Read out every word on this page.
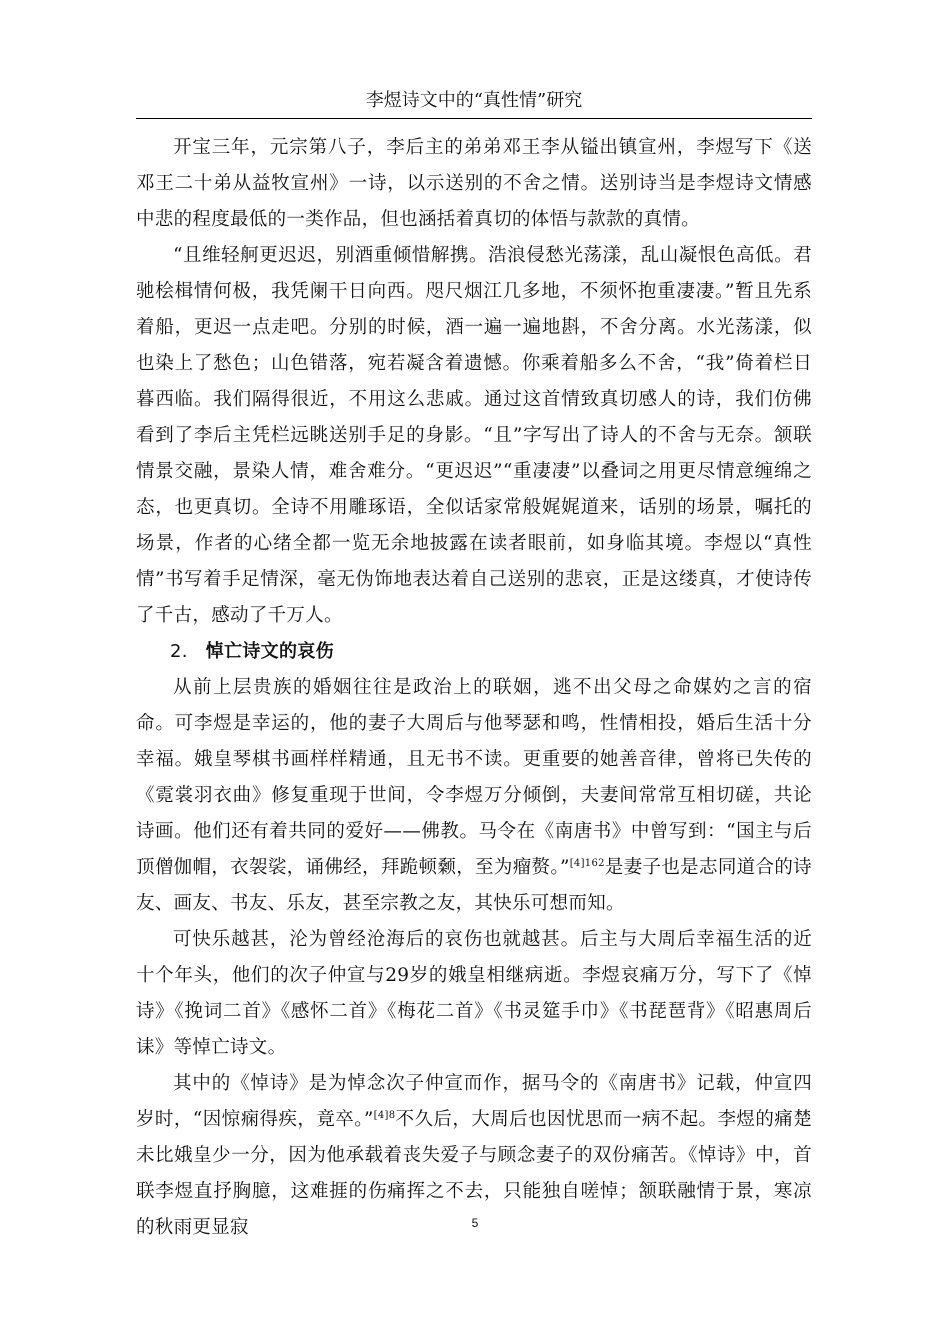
李煜诗文中的“真性情”研究

开宝三年，元宗第八子，李后主的弟弟邓王李从镒出镇宣州，李煜写下《送邓王二十弟从益牧宣州》一诗，以示送别的不舍之情。送别诗当是李煜诗文情感中悲的程度最低的一类作品，但也涵括着真切的体悟与款款的真情。

“且维轻舸更迟迟，别酒重倾惜解携。浩浪侵愁光荡漾，乱山凝恨色高低。君驰桧楫情何极，我凭阑干日向西。咫尺烟江几多地，不须怀抱重凄凄。”暂且先系着船，更迟一点走吧。分别的时候，酒一遍一遍地斟，不舍分离。水光荡漾，似也染上了愁色；山色错落，宛若凝含着遗憾。你乘着船多么不舍，“我”倚着栏日暮西临。我们隔得很近，不用这么悲戚。通过这首情致真切感人的诗，我们仿佛看到了李后主凭栏远眺送别手足的身影。“且”字写出了诗人的不舍与无奈。颔联情景交融，景染人情，难舍难分。“更迟迟”“重凄凄”以叠词之用更尽情意缠绵之态，也更真切。全诗不用雕琢语，全似话家常般娓娓道来，话别的场景，嘱托的场景，作者的心绪全都一览无余地披露在读者眼前，如身临其境。李煜以“真性情”书写着手足情深，毫无伪饰地表达着自己送别的悲哀，正是这缕真，才使诗传了千古，感动了千万人。

2. 悼亡诗文的哀伤

从前上层贵族的婚姻往往是政治上的联姻，逃不出父母之命媒妁之言的宿命。可李煜是幸运的，他的妻子大周后与他琴瑟和鸣，性情相投，婚后生活十分幸福。娥皇琴棋书画样样精通，且无书不读。更重要的她善音律，曾将已失传的《霓裳羽衣曲》修复重现于世间，令李煜万分倾倒，夫妻间常常互相切磋，共论诗画。他们还有着共同的爱好——佛教。马令在《南唐书》中曾写到：“国主与后顶僧伽帽，衣袈裟，诵佛经，拜跪顿颡，至为瘤赘。”$^{[4]162}$是妻子也是志同道合的诗友、画友、书友、乐友，甚至宗教之友，其快乐可想而知。

可快乐越甚，沦为曾经沧海后的哀伤也就越甚。后主与大周后幸福生活的近十个年头，他们的次子仲宣与29岁的娥皇相继病逝。李煜哀痛万分，写下了《悼诗》《挽词二首》《感怀二首》《梅花二首》《书灵筵手巾》《书琵琶背》《昭惠周后诔》等悼亡诗文。

其中的《悼诗》是为悼念次子仲宣而作，据马令的《南唐书》记载，仲宣四岁时，“因惊痫得疾，竟卒。”$^{[4]8}$不久后，大周后也因忧思而一病不起。李煜的痛楚未比娥皇少一分，因为他承载着丧失爱子与顾念妻子的双份痛苦。《悼诗》中，首联李煜直抒胸臆，这难捱的伤痛挥之不去，只能独自嗟悼；颔联融情于景，寒凉的秋雨更显寂	5
